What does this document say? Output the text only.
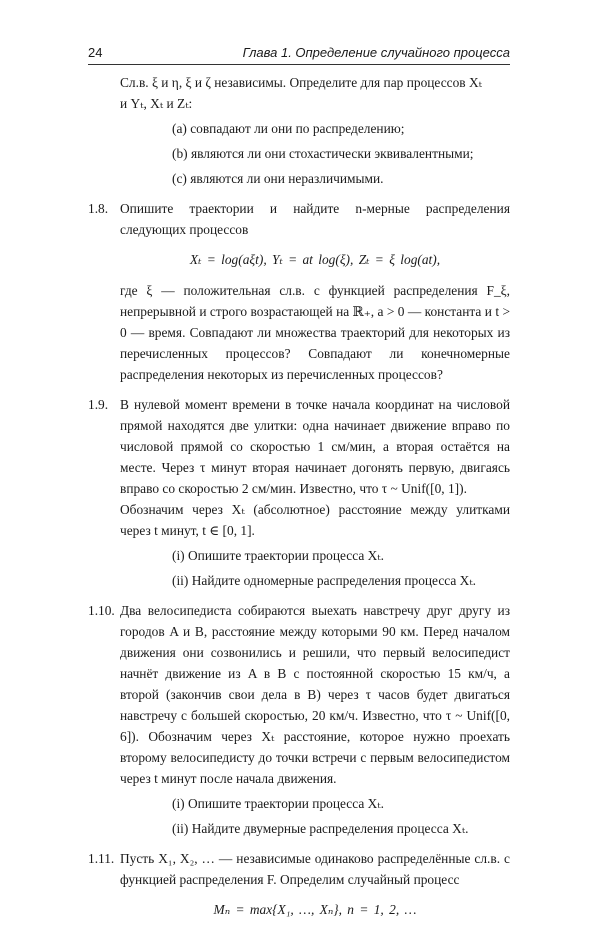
24	Глава 1. Определение случайного процесса
Сл.в. ξ и η, ξ и ζ независимы. Определите для пар процессов Xₜ
и Yₜ, Xₜ и Zₜ:
(a) совпадают ли они по распределению;
(b) являются ли они стохастически эквивалентными;
(c) являются ли они неразличимыми.
1.8. Опишите траектории и найдите n-мерные распределения следующих процессов
Xₜ = log(aξt), Yₜ = at log(ξ), Zₜ = ξ log(at),
где ξ — положительная сл.в. с функцией распределения F_ξ, непрерывной и строго возрастающей на ℝ₊, a > 0 — константа и t > 0 — время. Совпадают ли множества траекторий для некоторых из перечисленных процессов? Совпадают ли конечномерные распределения некоторых из перечисленных процессов?
1.9. В нулевой момент времени в точке начала координат на числовой прямой находятся две улитки: одна начинает движение вправо по числовой прямой со скоростью 1 см/мин, а вторая остаётся на месте. Через τ минут вторая начинает догонять первую, двигаясь вправо со скоростью 2 см/мин. Известно, что τ ~ Unif([0, 1]).
Обозначим через Xₜ (абсолютное) расстояние между улитками через t минут, t ∈ [0, 1].
(i) Опишите траектории процесса Xₜ.
(ii) Найдите одномерные распределения процесса Xₜ.
1.10. Два велосипедиста собираются выехать навстречу друг другу из городов A и B, расстояние между которыми 90 км. Перед началом движения они созвонились и решили, что первый велосипедист начнёт движение из A в B с постоянной скоростью 15 км/ч, а второй (закончив свои дела в B) через τ часов будет двигаться навстречу с большей скоростью, 20 км/ч. Известно, что τ ~ Unif([0, 6]). Обозначим через Xₜ расстояние, которое нужно проехать второму велосипедисту до точки встречи с первым велосипедистом через t минут после начала движения.
(i) Опишите траектории процесса Xₜ.
(ii) Найдите двумерные распределения процесса Xₜ.
1.11. Пусть X₁, X₂, … — независимые одинаково распределённые сл.в. с функцией распределения F. Определим случайный процесс
Mₙ = max{X₁, …, Xₙ}, n = 1, 2, …
